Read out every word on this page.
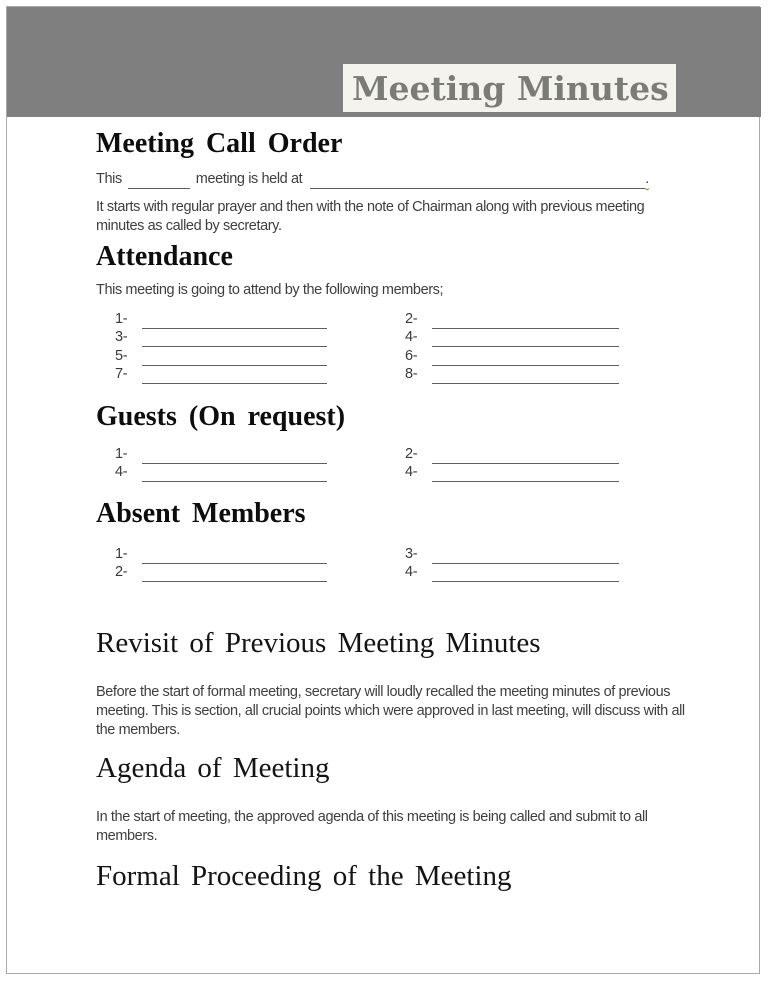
Meeting Minutes
Meeting Call Order
This	meeting is held at	.
It starts with regular prayer and then with the note of Chairman along with previous meeting
minutes as called by secretary.
Attendance
This meeting is going to attend by the following members;
1-
3-
5-
7-
2-
4-
6-
8-
Guests (On request)
1-
4-
2-
4-
Absent Members
1-
2-
3-
4-
Revisit of Previous Meeting Minutes
Before the start of formal meeting, secretary will loudly recalled the meeting minutes of previous
meeting. This is section, all crucial points which were approved in last meeting, will discuss with all
the members.
Agenda of Meeting
In the start of meeting, the approved agenda of this meeting is being called and submit to all
members.
Formal Proceeding of the Meeting
